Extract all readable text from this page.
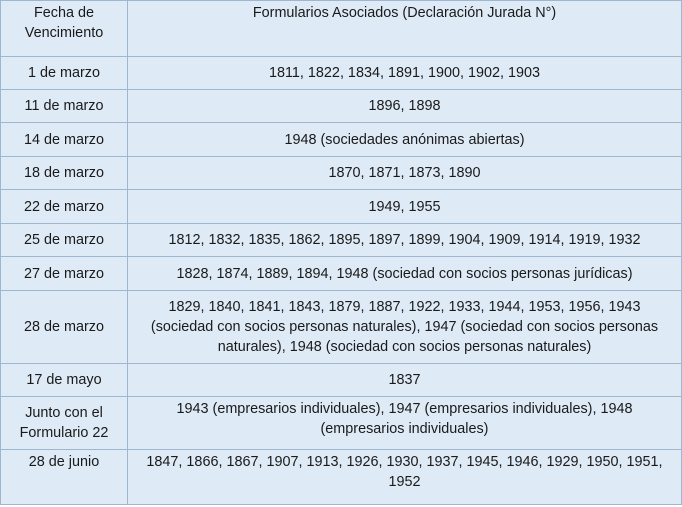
Fecha de Vencimiento	Formularios Asociados (Declaración Jurada N°)
1 de marzo	1811, 1822, 1834, 1891, 1900, 1902, 1903
11 de marzo	1896, 1898
14 de marzo	1948 (sociedades anónimas abiertas)
18 de marzo	1870, 1871, 1873, 1890
22 de marzo	1949, 1955
25 de marzo	1812, 1832, 1835, 1862, 1895, 1897, 1899, 1904, 1909, 1914, 1919, 1932
27 de marzo	1828, 1874, 1889, 1894, 1948 (sociedad con socios personas jurídicas)
28 de marzo	1829, 1840, 1841, 1843, 1879, 1887, 1922, 1933, 1944, 1953, 1956, 1943 (sociedad con socios personas naturales), 1947 (sociedad con socios personas naturales), 1948 (sociedad con socios personas naturales)
17 de mayo	1837
Junto con el Formulario 22	1943 (empresarios individuales), 1947 (empresarios individuales), 1948 (empresarios individuales)
28 de junio	1847, 1866, 1867, 1907, 1913, 1926, 1930, 1937, 1945, 1946, 1929, 1950, 1951, 1952
